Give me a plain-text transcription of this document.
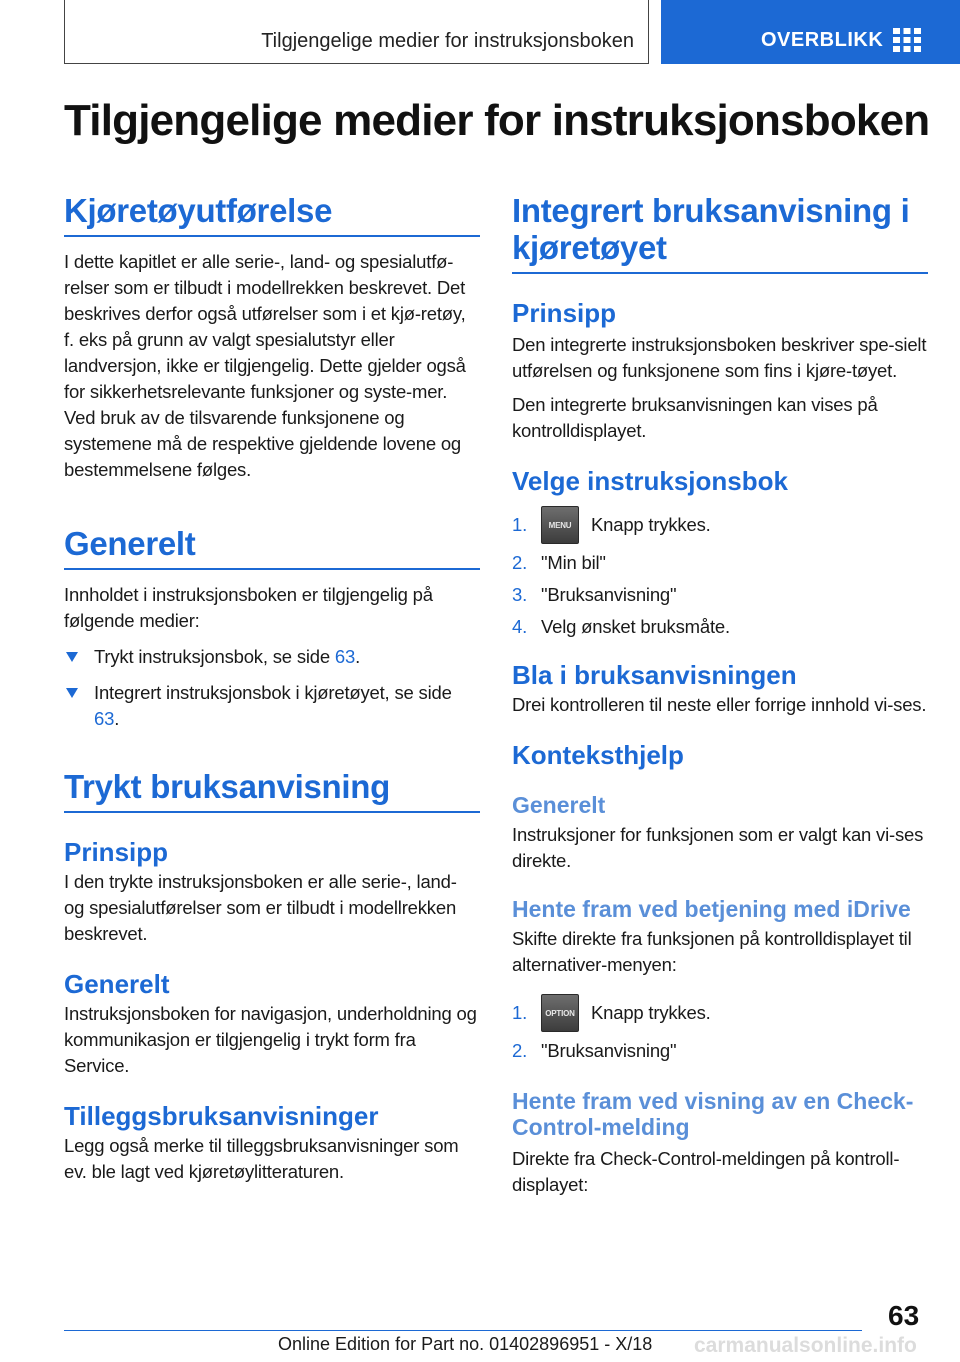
Tilgjengelige medier for instruksjonsboken	OVERBLIKK
Tilgjengelige medier for instruksjonsboken
Kjøretøyutførelse

I dette kapitlet er alle serie-, land- og spesialutfø-relser som er tilbudt i modellrekken beskrevet. Det beskrives derfor også utførelser som i et kjø-retøy, f. eks på grunn av valgt spesialutstyr eller landversjon, ikke er tilgjengelig. Dette gjelder også for sikkerhetsrelevante funksjoner og syste-mer. Ved bruk av de tilsvarende funksjonene og systemene må de respektive gjeldende lovene og bestemmelsene følges.

Generelt

Innholdet i instruksjonsboken er tilgjengelig på følgende medier:

Trykt instruksjonsbok, se side 63.
Integrert instruksjonsbok i kjøretøyet, se side 63.
Trykt bruksanvisning
Prinsipp

I den trykte instruksjonsboken er alle serie-, land- og spesialutførelser som er tilbudt i modellrekken beskrevet.

Generelt

Instruksjonsboken for navigasjon, underholdning og kommunikasjon er tilgjengelig i trykt form fra Service.

Tilleggsbruksanvisninger

Legg også merke til tilleggsbruksanvisninger som ev. ble lagt ved kjøretøylitteraturen.

Integrert bruksanvisning i kjøretøyet
Prinsipp

Den integrerte instruksjonsboken beskriver spe-sielt utførelsen og funksjonene som fins i kjøre-tøyet.

Den integrerte bruksanvisningen kan vises på kontrolldisplayet.

Velge instruksjonsbok
1.	MENU	Knapp trykkes.
2. "Min bil"
3. "Bruksanvisning"
4. Velg ønsket bruksmåte.
Bla i bruksanvisningen

Drei kontrolleren til neste eller forrige innhold vi-ses.

Konteksthjelp
Generelt

Instruksjoner for funksjonen som er valgt kan vi-ses direkte.

Hente fram ved betjening med iDrive

Skifte direkte fra funksjonen på kontrolldisplayet til alternativer-menyen:

1.	OPTION Knapp trykkes.
2. "Bruksanvisning"
Hente fram ved visning av en Check-Control-melding

Direkte fra Check-Control-meldingen på kontroll-displayet:

63
Online Edition for Part no. 01402896951 - X/18 carmanualsonline.info
